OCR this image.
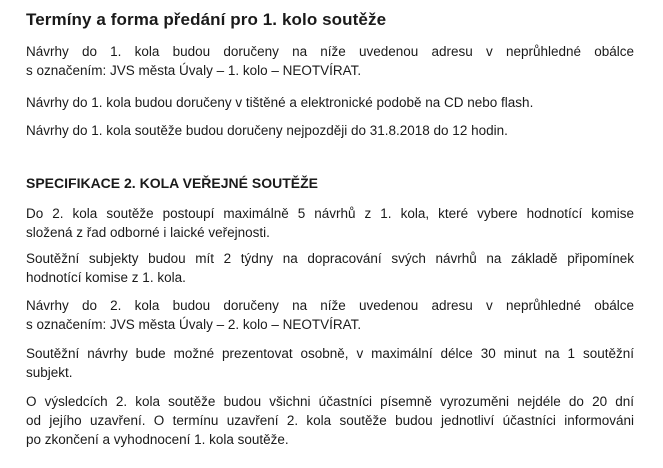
Termíny a forma předání pro 1. kolo soutěže
Návrhy do 1. kola budou doručeny na níže uvedenou adresu v neprůhledné obálce
s označením: JVS města Úvaly – 1. kolo – NEOTVÍRAT.
Návrhy do 1. kola budou doručeny v tištěné a elektronické podobě na CD nebo flash.
Návrhy do 1. kola soutěže budou doručeny nejpozději do 31.8.2018 do 12 hodin.
SPECIFIKACE 2. KOLA VEŘEJNÉ SOUTĚŽE
Do 2. kola soutěže postoupí maximálně 5 návrhů z 1. kola, které vybere hodnotící komise
složená z řad odborné i laické veřejnosti.
Soutěžní subjekty budou mít 2 týdny na dopracování svých návrhů na základě připomínek
hodnotící komise z 1. kola.
Návrhy do 2. kola budou doručeny na níže uvedenou adresu v neprůhledné obálce
s označením: JVS města Úvaly – 2. kolo – NEOTVÍRAT.
Soutěžní návrhy bude možné prezentovat osobně, v maximální délce 30 minut na 1 soutěžní
subjekt.
O výsledcích 2. kola soutěže budou všichni účastníci písemně vyrozuměni nejdéle do 20 dní
od jejího uzavření. O termínu uzavření 2. kola soutěže budou jednotliví účastníci informováni
po zkončení a vyhodnocení 1. kola soutěže.
